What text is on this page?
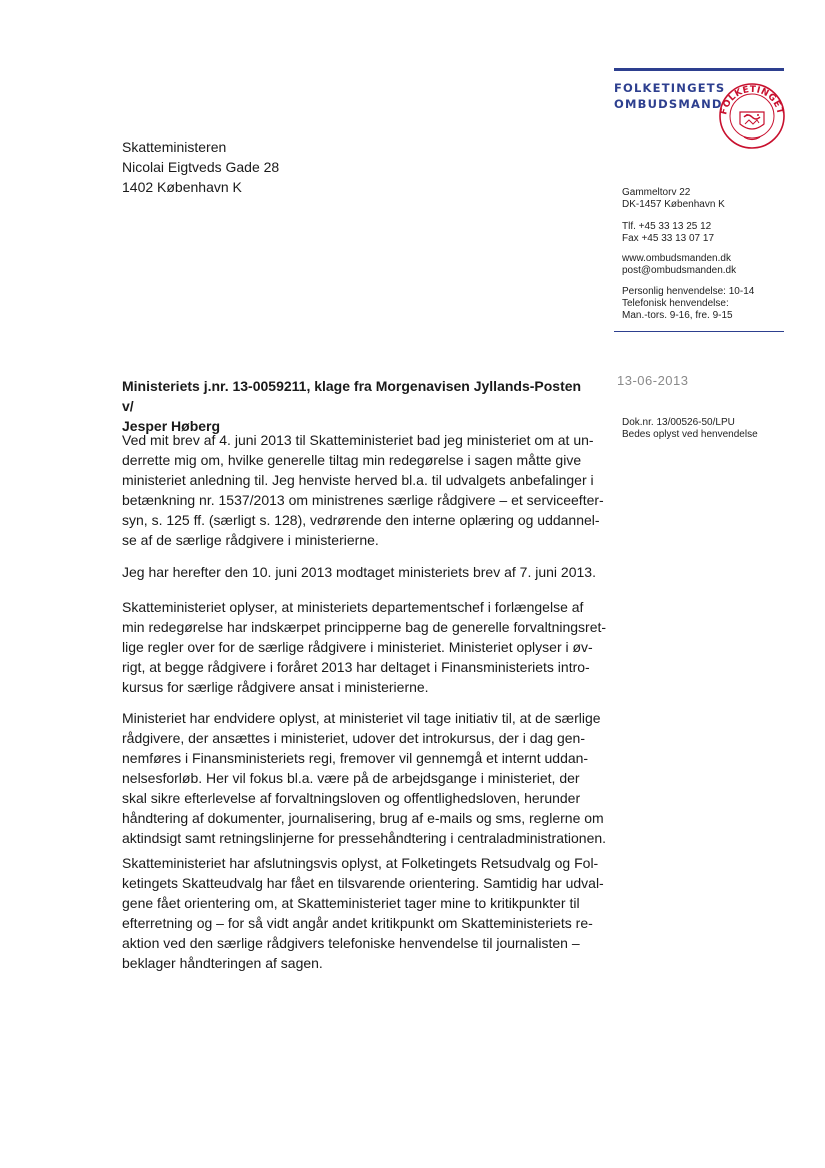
FOLKETINGETS
OMBUDSMAND
FOLKETINGET
Skatteministeren
Nicolai Eigtveds Gade 28
1402 København K	Gammeltorv 22
DK-1457 København K
Tlf. +45 33 13 25 12
Fax +45 33 13 07 17
www.ombudsmanden.dk
post@ombudsmanden.dk
Personlig henvendelse: 10-14
Telefonisk henvendelse:
Man.-tors. 9-16, fre. 9-15
13-06-2013
Dok.nr. 13/00526-50/LPU
Bedes oplyst ved henvendelse
Ministeriets j.nr. 13-0059211, klage fra Morgenavisen Jyllands-Posten v/
Jesper Høberg
Ved mit brev af 4. juni 2013 til Skatteministeriet bad jeg ministeriet om at un-
derrette mig om, hvilke generelle tiltag min redegørelse i sagen måtte give
ministeriet anledning til. Jeg henviste herved bl.a. til udvalgets anbefalinger i
betænkning nr. 1537/2013 om ministrenes særlige rådgivere – et serviceefter-
syn, s. 125 ff. (særligt s. 128), vedrørende den interne oplæring og uddannel-
se af de særlige rådgivere i ministerierne.
Jeg har herefter den 10. juni 2013 modtaget ministeriets brev af 7. juni 2013.
Skatteministeriet oplyser, at ministeriets departementschef i forlængelse af
min redegørelse har indskærpet principperne bag de generelle forvaltningsret-
lige regler over for de særlige rådgivere i ministeriet. Ministeriet oplyser i øv-
rigt, at begge rådgivere i foråret 2013 har deltaget i Finansministeriets intro-
kursus for særlige rådgivere ansat i ministerierne.
Ministeriet har endvidere oplyst, at ministeriet vil tage initiativ til, at de særlige
rådgivere, der ansættes i ministeriet, udover det introkursus, der i dag gen-
nemføres i Finansministeriets regi, fremover vil gennemgå et internt uddan-
nelsesforløb. Her vil fokus bl.a. være på de arbejdsgange i ministeriet, der
skal sikre efterlevelse af forvaltningsloven og offentlighedsloven, herunder
håndtering af dokumenter, journalisering, brug af e-mails og sms, reglerne om
aktindsigt samt retningslinjerne for pressehåndtering i centraladministrationen.
Skatteministeriet har afslutningsvis oplyst, at Folketingets Retsudvalg og Fol-
ketingets Skatteudvalg har fået en tilsvarende orientering. Samtidig har udval-
gene fået orientering om, at Skatteministeriet tager mine to kritikpunkter til
efterretning og – for så vidt angår andet kritikpunkt om Skatteministeriets re-
aktion ved den særlige rådgivers telefoniske henvendelse til journalisten –
beklager håndteringen af sagen.
